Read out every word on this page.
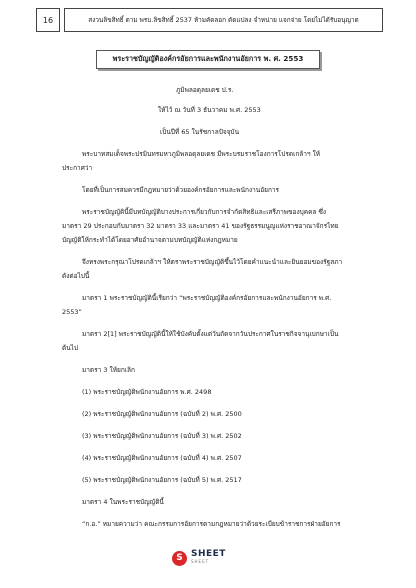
16	สงวนลิขสิทธิ์ ตาม พรบ.ลิขสิทธิ์ 2537 ห้ามคัดลอก ดัดแปลง จำหน่าย แจกจ่าย โดยไม่ได้รับอนุญาต
พระราชบัญญัติองค์กรอัยการและพนักงานอัยการ พ. ศ. 2553
ภูมิพลอดุลยเดช ป.ร.
ให้ไว้ ณ วันที่ 3 ธันวาคม พ.ศ. 2553
เป็นปีที่ 65 ในรัชกาลปัจจุบัน
พระบาทสมเด็จพระปรมินทรมหาภูมิพลอดุลยเดช มีพระบรมราชโองการโปรดเกล้าฯ ให้
ประกาศว่า
โดยที่เป็นการสมควรมีกฎหมายว่าด้วยองค์กรอัยการและพนักงานอัยการ
พระราชบัญญัตินี้มีบทบัญญัติบางประการเกี่ยวกับการจำกัดสิทธิและเสรีภาพของบุคคล ซึ่ง
มาตรา 29 ประกอบกับมาตรา 32 มาตรา 33 และมาตรา 41 ของรัฐธรรมนูญแห่งราชอาณาจักรไทย
บัญญัติให้กระทำได้โดยอาศัยอำนาจตามบทบัญญัติแห่งกฎหมาย
จึงทรงพระกรุณาโปรดเกล้าฯ ให้ตราพระราชบัญญัติขึ้นไว้โดยคำแนะนำและยินยอมของรัฐสภา
ดังต่อไปนี้
มาตรา 1 พระราชบัญญัตินี้เรียกว่า “พระราชบัญญัติองค์กรอัยการและพนักงานอัยการ พ.ศ.
2553”
มาตรา 2[1] พระราชบัญญัตินี้ให้ใช้บังคับตั้งแต่วันถัดจากวันประกาศในราชกิจจานุเบกษาเป็น
ต้นไป
มาตรา 3 ให้ยกเลิก
(1) พระราชบัญญัติพนักงานอัยการ พ.ศ. 2498
(2) พระราชบัญญัติพนักงานอัยการ (ฉบับที่ 2) พ.ศ. 2500
(3) พระราชบัญญัติพนักงานอัยการ (ฉบับที่ 3) พ.ศ. 2502
(4) พระราชบัญญัติพนักงานอัยการ (ฉบับที่ 4) พ.ศ. 2507
(5) พระราชบัญญัติพนักงานอัยการ (ฉบับที่ 5) พ.ศ. 2517
มาตรา 4 ในพระราชบัญญัตินี้
“ก.อ.” หมายความว่า คณะกรรมการอัยการตามกฎหมายว่าด้วยระเบียบข้าราชการฝ่ายอัยการ
S SHEET
SHEET
